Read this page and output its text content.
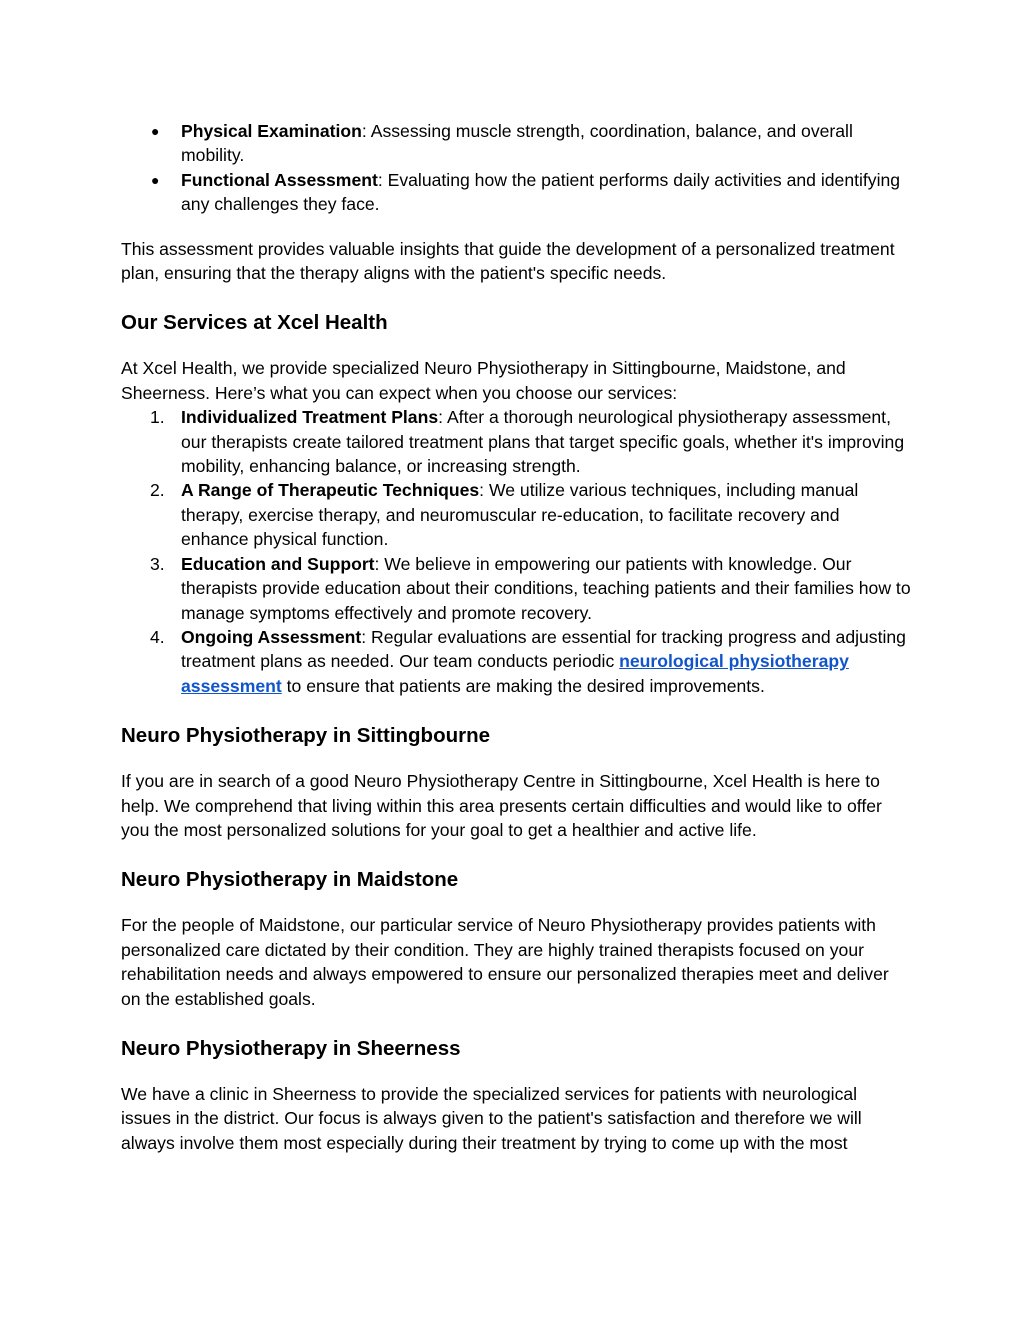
● Physical Examination: Assessing muscle strength, coordination, balance, and overall mobility.
● Functional Assessment: Evaluating how the patient performs daily activities and identifying any challenges they face.

This assessment provides valuable insights that guide the development of a personalized treatment plan, ensuring that the therapy aligns with the patient's specific needs.

Our Services at Xcel Health

At Xcel Health, we provide specialized Neuro Physiotherapy in Sittingbourne, Maidstone, and Sheerness. Here’s what you can expect when you choose our services:

1. Individualized Treatment Plans: After a thorough neurological physiotherapy assessment, our therapists create tailored treatment plans that target specific goals, whether it's improving mobility, enhancing balance, or increasing strength.
2. A Range of Therapeutic Techniques: We utilize various techniques, including manual therapy, exercise therapy, and neuromuscular re-education, to facilitate recovery and enhance physical function.
3. Education and Support: We believe in empowering our patients with knowledge. Our therapists provide education about their conditions, teaching patients and their families how to manage symptoms effectively and promote recovery.
4. Ongoing Assessment: Regular evaluations are essential for tracking progress and adjusting treatment plans as needed. Our team conducts periodic neurological physiotherapy assessment to ensure that patients are making the desired improvements.
Neuro Physiotherapy in Sittingbourne

If you are in search of a good Neuro Physiotherapy Centre in Sittingbourne, Xcel Health is here to help. We comprehend that living within this area presents certain difficulties and would like to offer you the most personalized solutions for your goal to get a healthier and active life.

Neuro Physiotherapy in Maidstone

For the people of Maidstone, our particular service of Neuro Physiotherapy provides patients with personalized care dictated by their condition. They are highly trained therapists focused on your rehabilitation needs and always empowered to ensure our personalized therapies meet and deliver on the established goals.

Neuro Physiotherapy in Sheerness

We have a clinic in Sheerness to provide the specialized services for patients with neurological issues in the district. Our focus is always given to the patient's satisfaction and therefore we will always involve them most especially during their treatment by trying to come up with the most
